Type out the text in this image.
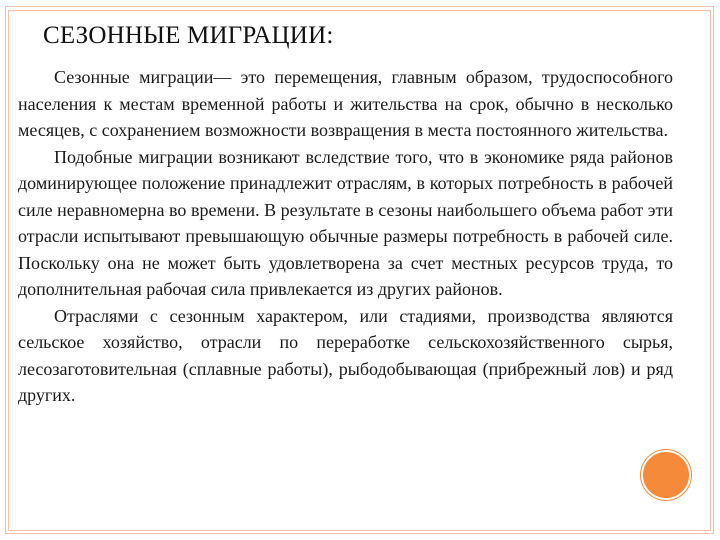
СЕЗОННЫЕ МИГРАЦИИ:

Сезонные миграции— это перемещения, главным образом, трудоспособного населения к местам временной работы и жительства на срок, обычно в несколько месяцев, с сохранением возможности возвращения в места постоянного жительства.

Подобные миграции возникают вследствие того, что в экономике ряда районов доминирующее положение принадлежит отраслям, в которых потребность в рабочей силе неравномерна во времени. В результате в сезоны наибольшего объема работ эти отрасли испытывают превышающую обычные размеры потребность в рабочей силе. Поскольку она не может быть удовлетворена за счет местных ресурсов труда, то дополнительная рабочая сила привлекается из других районов.

Отраслями с сезонным характером, или стадиями, производства являются сельское хозяйство, отрасли по переработке сельскохозяйственного сырья, лесозаготовительная (сплавные работы), рыбодобывающая (прибрежный лов) и ряд других.
